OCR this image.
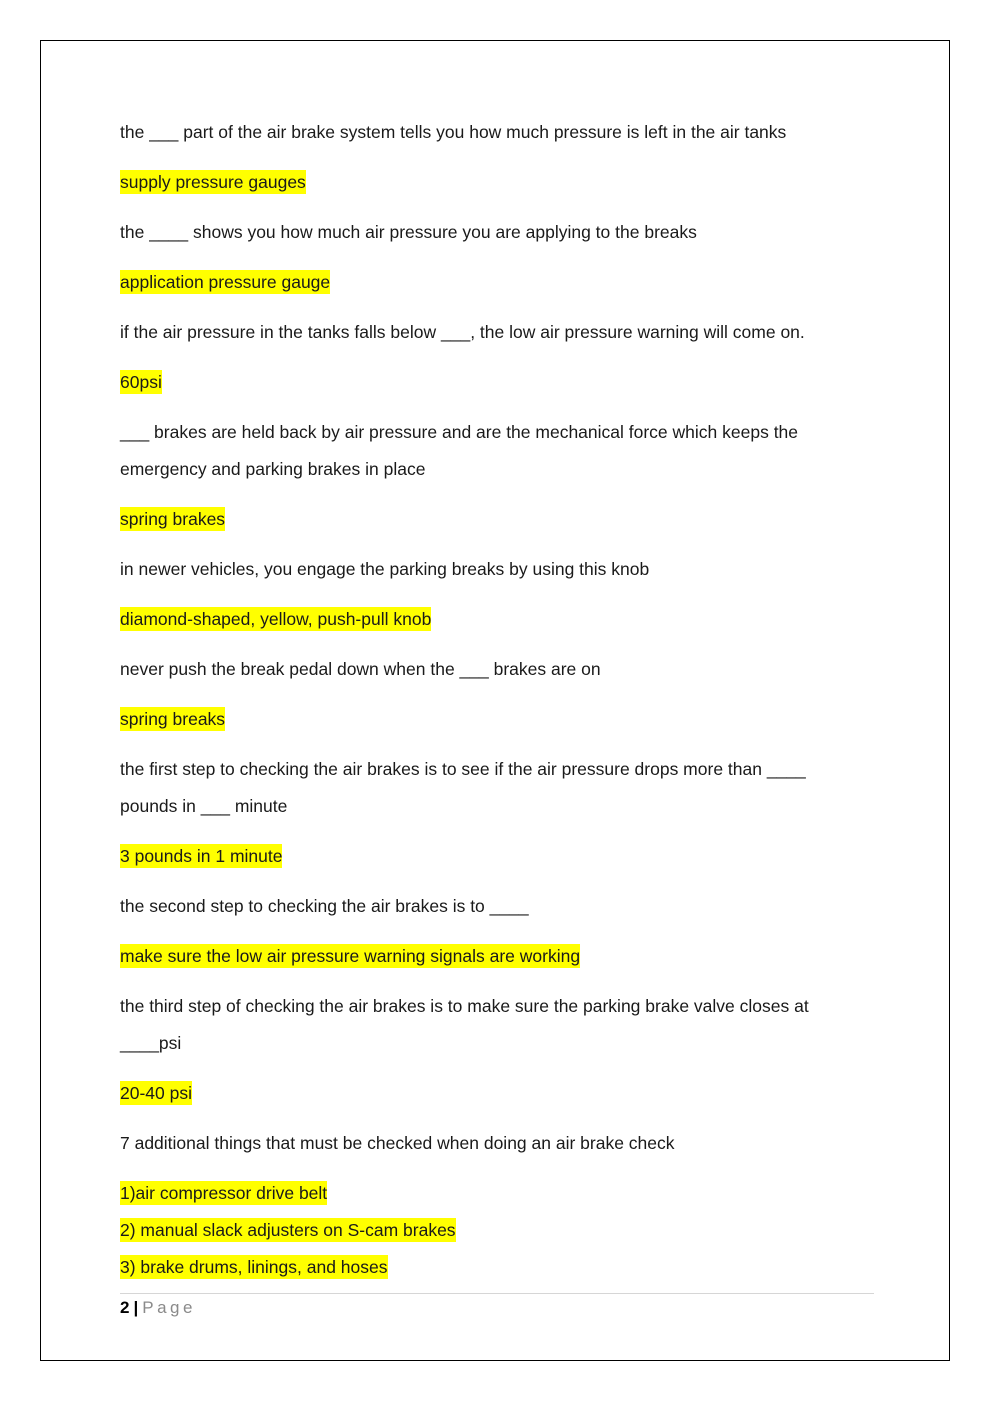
the ___ part of the air brake system tells you how much pressure is left in the air tanks

supply pressure gauges

the ____ shows you how much air pressure you are applying to the breaks

application pressure gauge

if the air pressure in the tanks falls below ___, the low air pressure warning will come on.

60psi

___ brakes are held back by air pressure and are the mechanical force which keeps the
emergency and parking brakes in place

spring brakes

in newer vehicles, you engage the parking breaks by using this knob

diamond-shaped, yellow, push-pull knob

never push the break pedal down when the ___ brakes are on

spring breaks

the first step to checking the air brakes is to see if the air pressure drops more than ____
pounds in ___ minute

3 pounds in 1 minute

the second step to checking the air brakes is to ____

make sure the low air pressure warning signals are working

the third step of checking the air brakes is to make sure the parking brake valve closes at
____psi

20-40 psi

7 additional things that must be checked when doing an air brake check

1)air compressor drive belt

2) manual slack adjusters on S-cam brakes

3) brake drums, linings, and hoses

2 | Page
